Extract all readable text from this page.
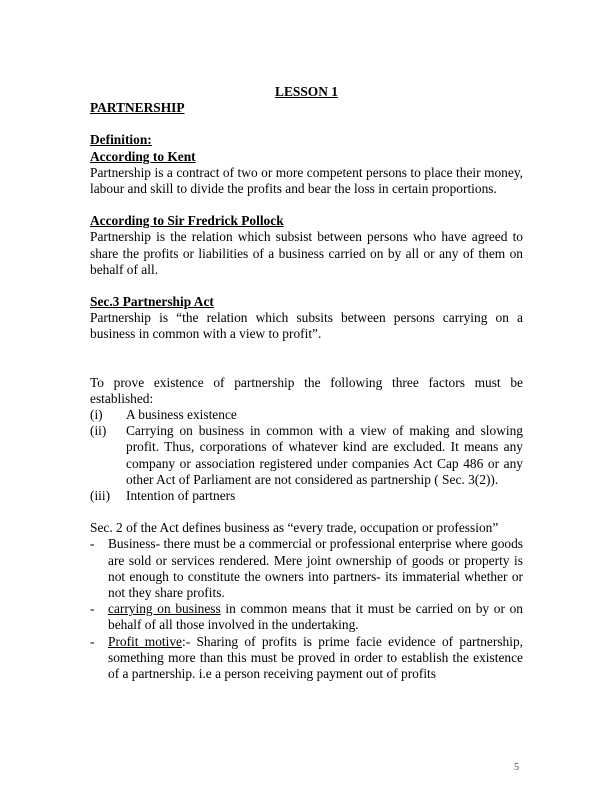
LESSON 1
PARTNERSHIP
Definition:
According to Kent

Partnership is a contract of two or more competent persons to place their money, labour and skill to divide the profits and bear the loss in certain proportions.

According to Sir Fredrick Pollock

Partnership is the relation which subsist between persons who have agreed to share the profits or liabilities of a business carried on by all or any of them on behalf of all.

Sec.3 Partnership Act

Partnership is “the relation which subsits between persons carrying on a business in common with a view to profit”.

To prove existence of partnership the following three factors must be established:

(i)	A business existence
(ii)	Carrying on business in common with a view of making and slowing profit. Thus, corporations of whatever kind are excluded. It means any company or association registered under companies Act Cap 486 or any other Act of Parliament are not considered as partnership ( Sec. 3(2)).
(iii)	Intention of partners

Sec. 2 of the Act defines business as “every trade, occupation or profession”

-	Business- there must be a commercial or professional enterprise where goods are sold or services rendered. Mere joint ownership of goods or property is not enough to constitute the owners into partners- its immaterial whether or not they share profits.
-	carrying on business in common means that it must be carried on by or on behalf of all those involved in the undertaking.
-	Profit motive:- Sharing of profits is prime facie evidence of partnership, something more than this must be proved in order to establish the existence of a partnership. i.e a person receiving payment out of profits
5
